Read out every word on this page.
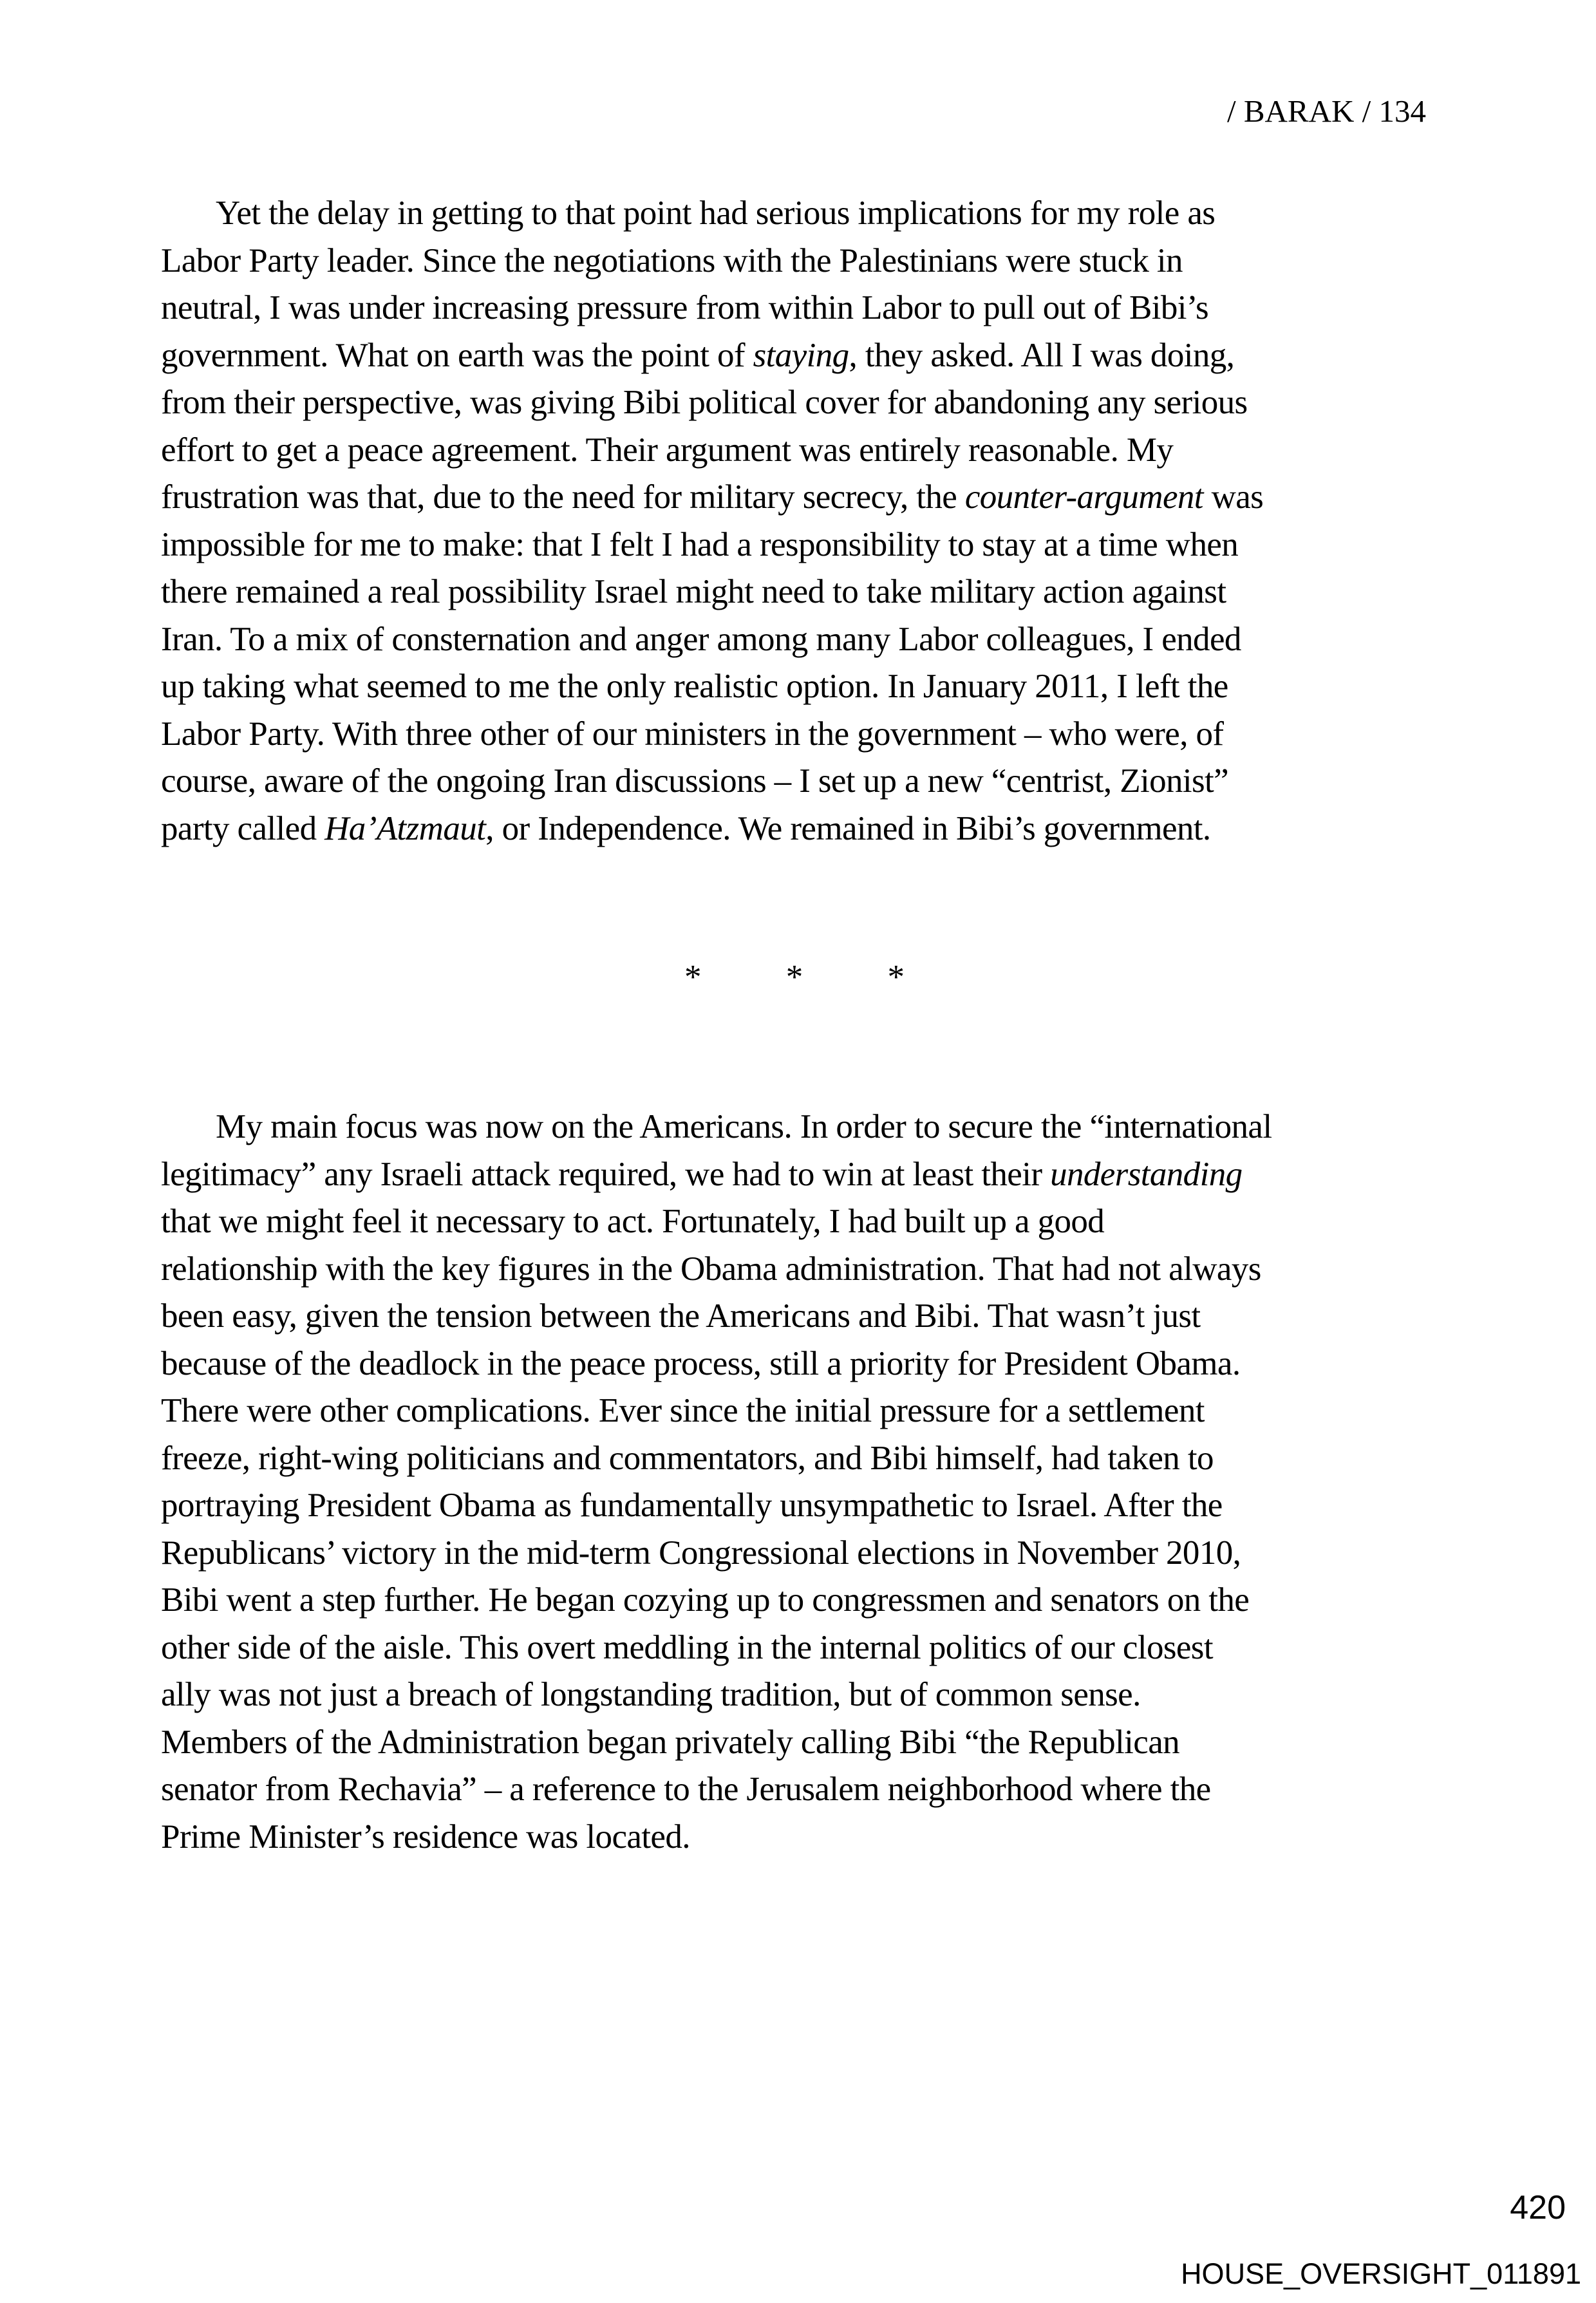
/ BARAK / 134
Yet the delay in getting to that point had serious implications for my role as
Labor Party leader. Since the negotiations with the Palestinians were stuck in
neutral, I was under increasing pressure from within Labor to pull out of Bibi’s
government. What on earth was the point of staying, they asked. All I was doing,
from their perspective, was giving Bibi political cover for abandoning any serious
effort to get a peace agreement. Their argument was entirely reasonable. My
frustration was that, due to the need for military secrecy, the counter-argument was
impossible for me to make: that I felt I had a responsibility to stay at a time when
there remained a real possibility Israel might need to take military action against
Iran. To a mix of consternation and anger among many Labor colleagues, I ended
up taking what seemed to me the only realistic option. In January 2011, I left the
Labor Party. With three other of our ministers in the government – who were, of
course, aware of the ongoing Iran discussions – I set up a new “centrist, Zionist”
party called Ha’Atzmaut, or Independence. We remained in Bibi’s government.
* * *
My main focus was now on the Americans. In order to secure the “international
legitimacy” any Israeli attack required, we had to win at least their understanding
that we might feel it necessary to act. Fortunately, I had built up a good
relationship with the key figures in the Obama administration. That had not always
been easy, given the tension between the Americans and Bibi. That wasn’t just
because of the deadlock in the peace process, still a priority for President Obama.
There were other complications. Ever since the initial pressure for a settlement
freeze, right-wing politicians and commentators, and Bibi himself, had taken to
portraying President Obama as fundamentally unsympathetic to Israel. After the
Republicans’ victory in the mid-term Congressional elections in November 2010,
Bibi went a step further. He began cozying up to congressmen and senators on the
other side of the aisle. This overt meddling in the internal politics of our closest
ally was not just a breach of longstanding tradition, but of common sense.
Members of the Administration began privately calling Bibi “the Republican
senator from Rechavia” – a reference to the Jerusalem neighborhood where the
Prime Minister’s residence was located.
420
HOUSE_OVERSIGHT_011891
